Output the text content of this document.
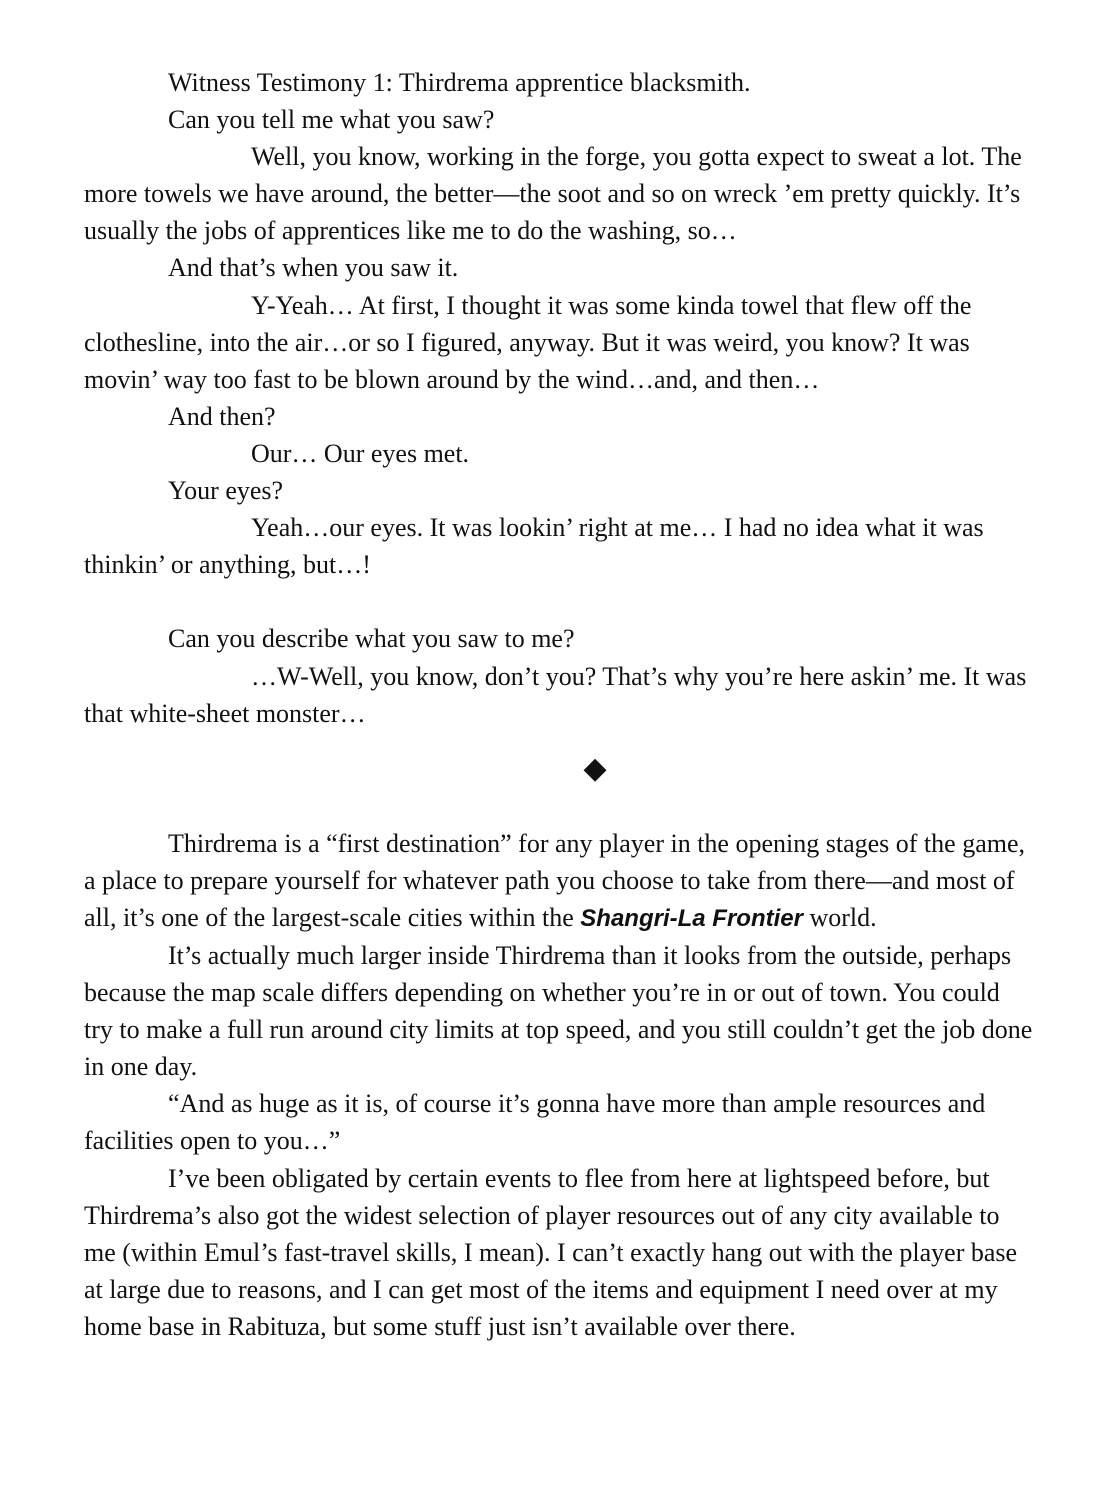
Witness Testimony 1: Thirdrema apprentice blacksmith.

Can you tell me what you saw?

Well, you know, working in the forge, you gotta expect to sweat a lot. The more towels we have around, the better—the soot and so on wreck ’em pretty quickly. It’s usually the jobs of apprentices like me to do the washing, so…

And that’s when you saw it.

Y-Yeah… At first, I thought it was some kinda towel that flew off the clothesline, into the air…or so I figured, anyway. But it was weird, you know? It was movin’ way too fast to be blown around by the wind…and, and then…

And then?

Our… Our eyes met.

Your eyes?

Yeah…our eyes. It was lookin’ right at me… I had no idea what it was thinkin’ or anything, but…!

Can you describe what you saw to me?

…W-Well, you know, don’t you? That’s why you’re here askin’ me. It was that white-sheet monster…

◆

Thirdrema is a “first destination” for any player in the opening stages of the game, a place to prepare yourself for whatever path you choose to take from there—and most of all, it’s one of the largest-scale cities within the Shangri-La Frontier world.

It’s actually much larger inside Thirdrema than it looks from the outside, perhaps because the map scale differs depending on whether you’re in or out of town. You could try to make a full run around city limits at top speed, and you still couldn’t get the job done in one day.

“And as huge as it is, of course it’s gonna have more than ample resources and facilities open to you…”

I’ve been obligated by certain events to flee from here at lightspeed before, but Thirdrema’s also got the widest selection of player resources out of any city available to me (within Emul’s fast-travel skills, I mean). I can’t exactly hang out with the player base at large due to reasons, and I can get most of the items and equipment I need over at my home base in Rabituza, but some stuff just isn’t available over there.
